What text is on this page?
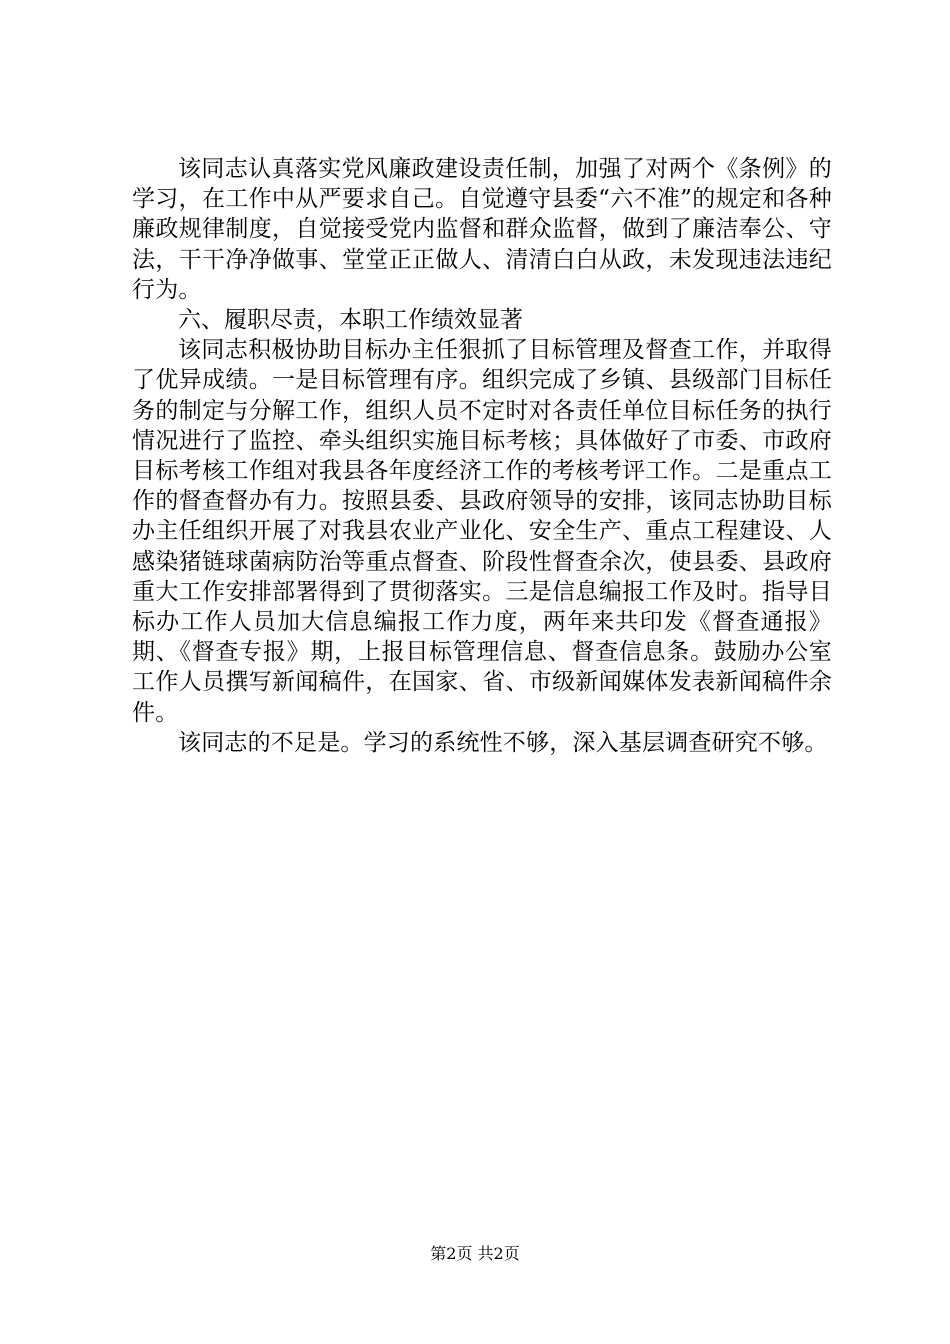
该同志认真落实党风廉政建设责任制，加强了对两个《条例》的学习，在工作中从严要求自己。自觉遵守县委“六不准”的规定和各种廉政规律制度，自觉接受党内监督和群众监督，做到了廉洁奉公、守法，干干净净做事、堂堂正正做人、清清白白从政，未发现违法违纪行为。

六、履职尽责，本职工作绩效显著

该同志积极协助目标办主任狠抓了目标管理及督查工作，并取得了优异成绩。一是目标管理有序。组织完成了乡镇、县级部门目标任务的制定与分解工作，组织人员不定时对各责任单位目标任务的执行情况进行了监控、牵头组织实施目标考核；具体做好了市委、市政府目标考核工作组对我县各年度经济工作的考核考评工作。二是重点工作的督查督办有力。按照县委、县政府领导的安排，该同志协助目标办主任组织开展了对我县农业产业化、安全生产、重点工程建设、人感染猪链球菌病防治等重点督查、阶段性督查余次，使县委、县政府重大工作安排部署得到了贯彻落实。三是信息编报工作及时。指导目标办工作人员加大信息编报工作力度，两年来共印发《督查通报》期、《督查专报》期，上报目标管理信息、督查信息条。鼓励办公室工作人员撰写新闻稿件，在国家、省、市级新闻媒体发表新闻稿件余件。

该同志的不足是。学习的系统性不够，深入基层调查研究不够。

第2页 共2页
